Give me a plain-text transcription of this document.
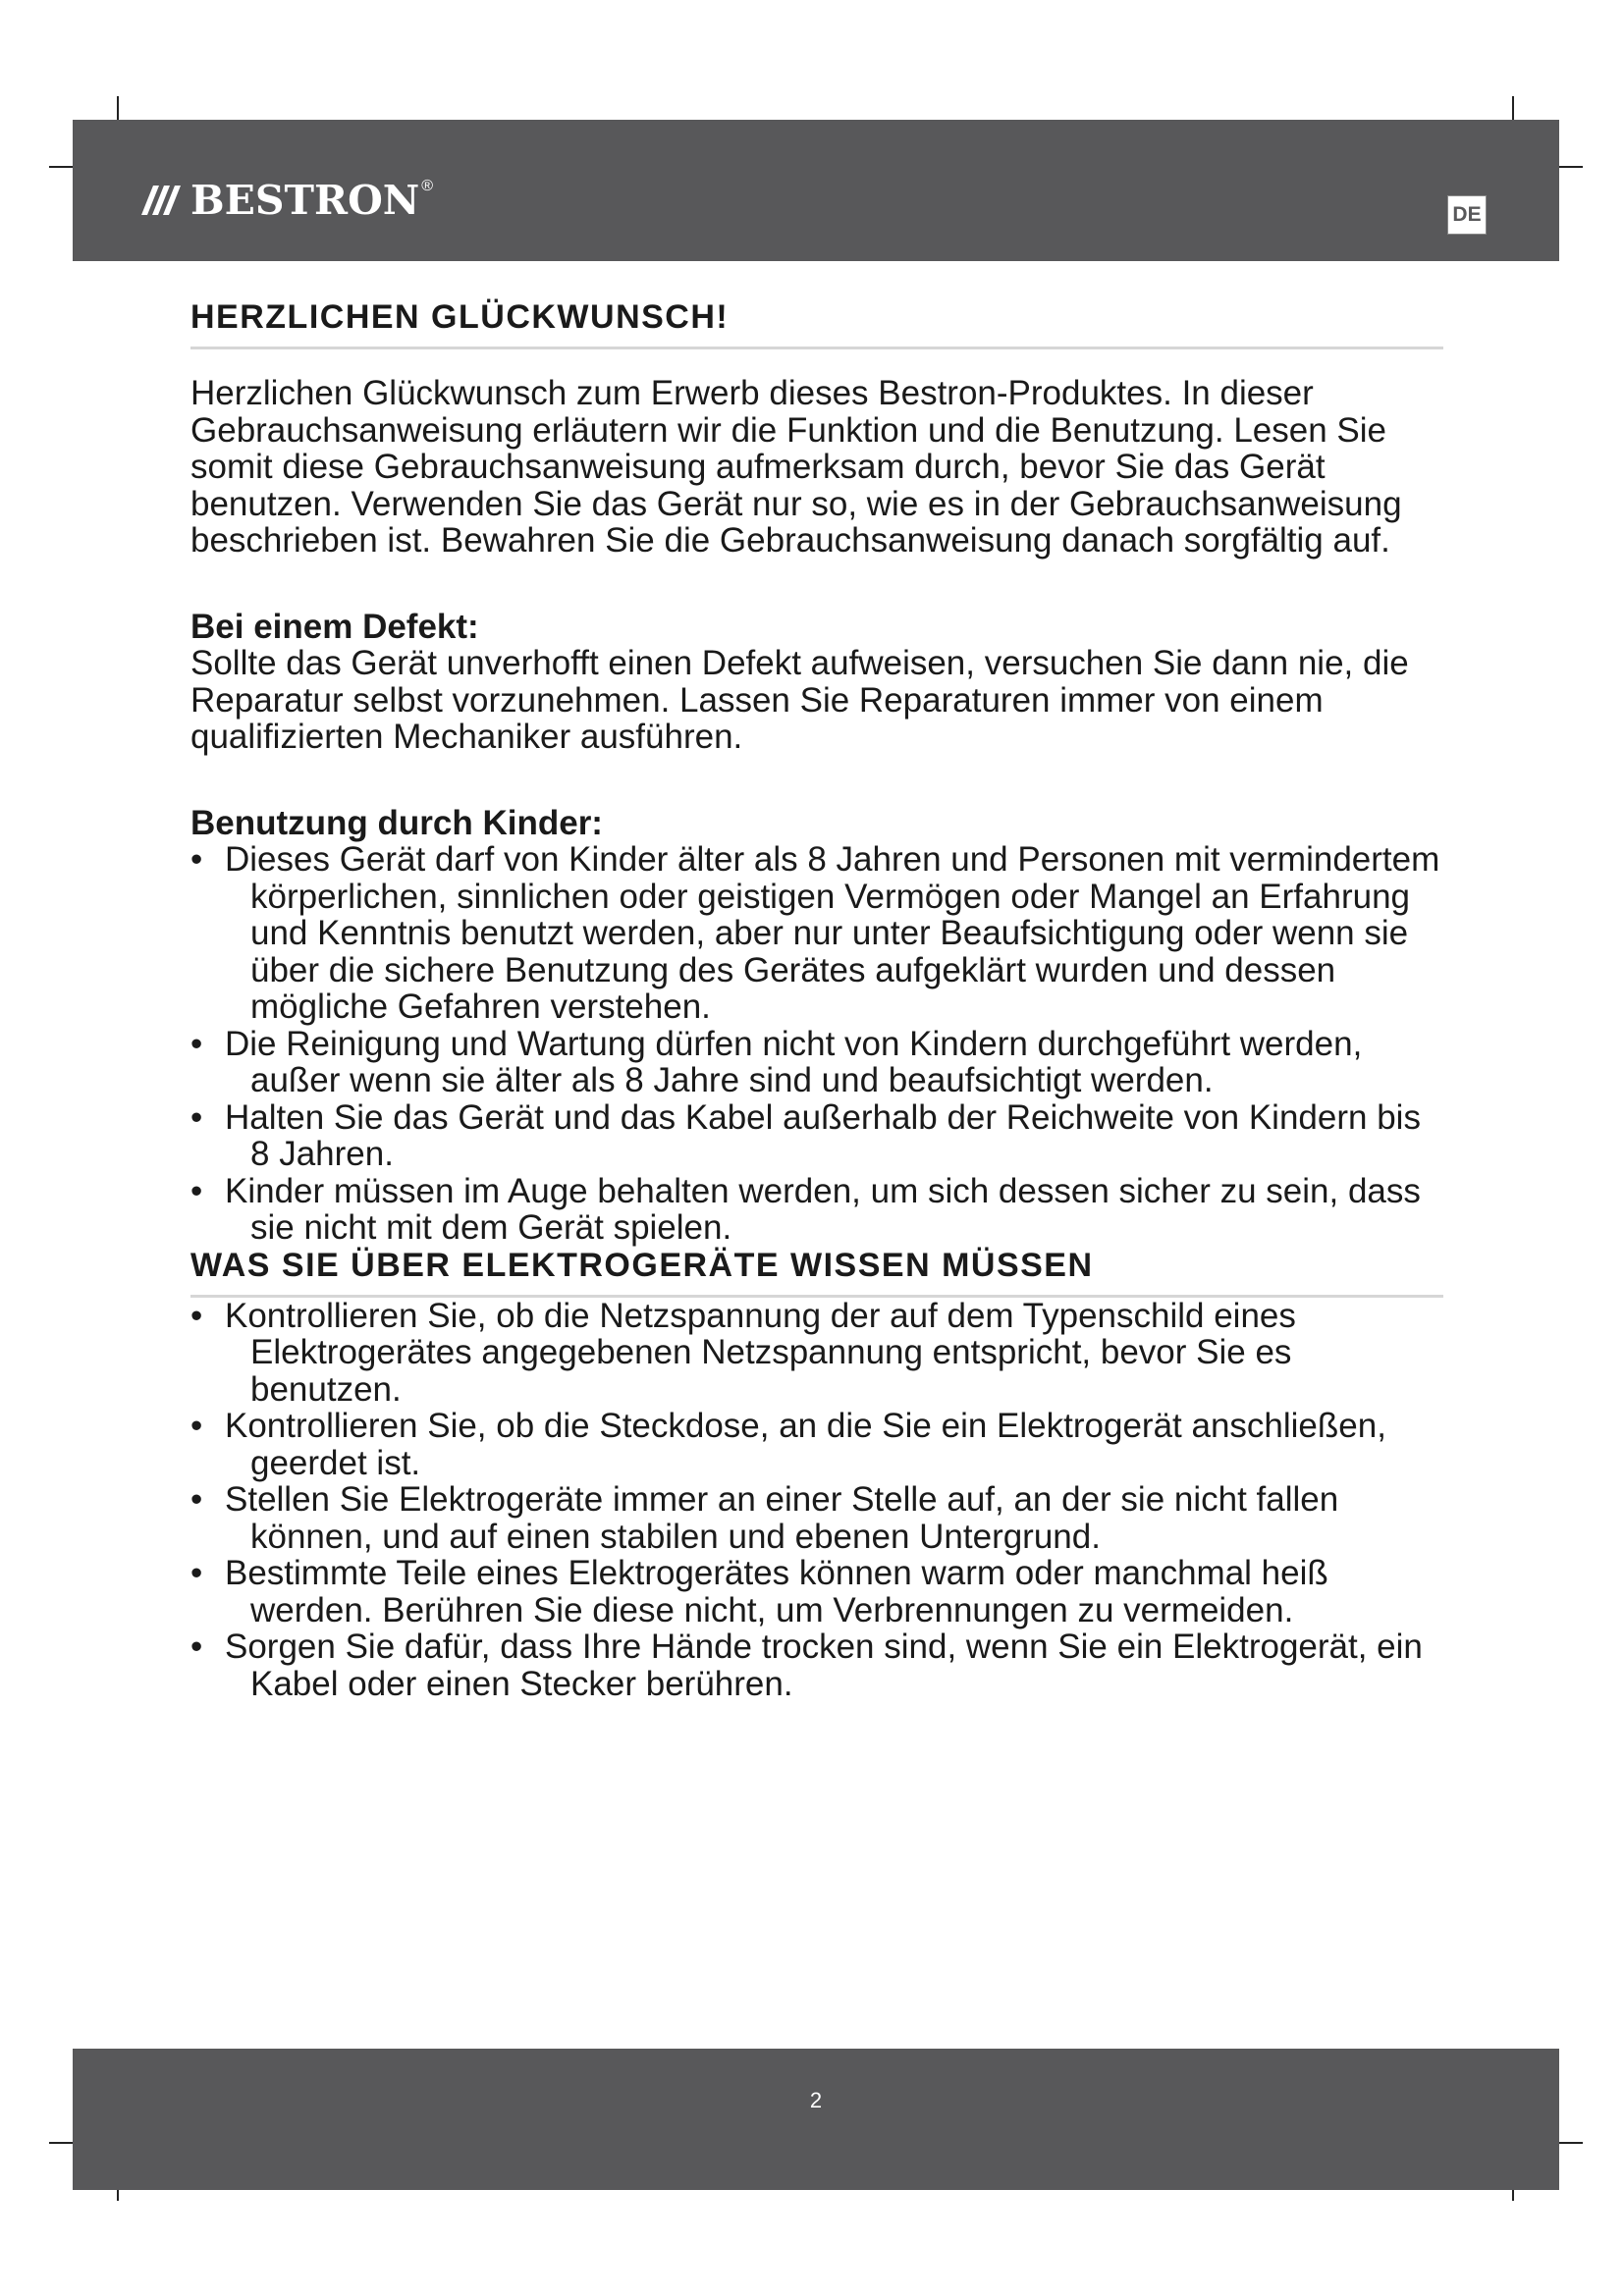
BESTRON ®
DE
HERZLICHEN GLÜCKWUNSCH!

Herzlichen Glückwunsch zum Erwerb dieses Bestron-Produktes. In dieser Gebrauchsanweisung erläutern wir die Funktion und die Benutzung. Lesen Sie somit diese Gebrauchsanweisung aufmerksam durch, bevor Sie das Gerät benutzen. Verwenden Sie das Gerät nur so, wie es in der Gebrauchsanweisung beschrieben ist. Bewahren Sie die Gebrauchsanweisung danach sorgfältig auf.

Bei einem Defekt:

Sollte das Gerät unverhofft einen Defekt aufweisen, versuchen Sie dann nie, die Reparatur selbst vorzunehmen. Lassen Sie Reparaturen immer von einem qualifizierten Mechaniker ausführen.

Benutzung durch Kinder:

• Dieses Gerät darf von Kinder älter als 8 Jahren und Personen mit vermindertem körperlichen, sinnlichen oder geistigen Vermögen oder Mangel an Erfahrung und Kenntnis benutzt werden, aber nur unter Beaufsichtigung oder wenn sie über die sichere Benutzung des Gerätes aufgeklärt wurden und dessen mögliche Gefahren verstehen.
• Die Reinigung und Wartung dürfen nicht von Kindern durchgeführt werden, außer wenn sie älter als 8 Jahre sind und beaufsichtigt werden.
• Halten Sie das Gerät und das Kabel außerhalb der Reichweite von Kindern bis 8 Jahren.
• Kinder müssen im Auge behalten werden, um sich dessen sicher zu sein, dass sie nicht mit dem Gerät spielen.
WAS SIE ÜBER ELEKTROGERÄTE WISSEN MÜSSEN
• Kontrollieren Sie, ob die Netzspannung der auf dem Typenschild eines Elektrogerätes angegebenen Netzspannung entspricht, bevor Sie es benutzen.
• Kontrollieren Sie, ob die Steckdose, an die Sie ein Elektrogerät anschließen, geerdet ist.
• Stellen Sie Elektrogeräte immer an einer Stelle auf, an der sie nicht fallen können, und auf einen stabilen und ebenen Untergrund.
• Bestimmte Teile eines Elektrogerätes können warm oder manchmal heiß werden. Berühren Sie diese nicht, um Verbrennungen zu vermeiden.
• Sorgen Sie dafür, dass Ihre Hände trocken sind, wenn Sie ein Elektrogerät, ein Kabel oder einen Stecker berühren.
2
